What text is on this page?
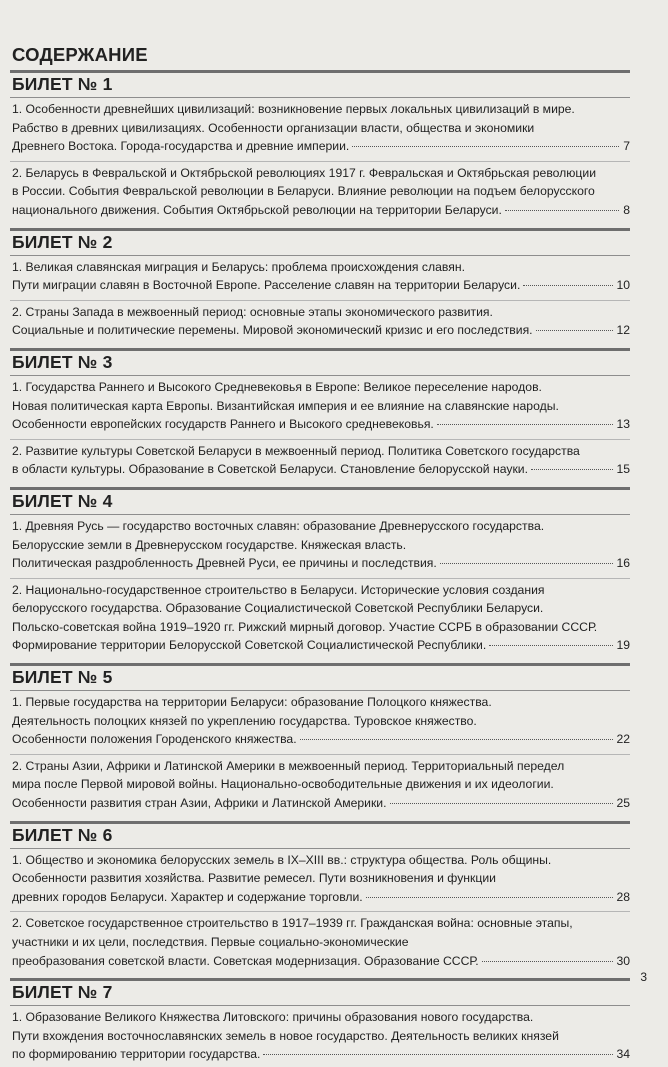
СОДЕРЖАНИЕ
БИЛЕТ № 1
1. Особенности древнейших цивилизаций: возникновение первых локальных цивилизаций в мире.
Рабство в древних цивилизациях. Особенности организации власти, общества и экономики
Древнего Востока. Города-государства и древние империи.	7
2. Беларусь в Февральской и Октябрьской революциях 1917 г. Февральская и Октябрьская революции
в России. События Февральской революции в Беларуси. Влияние революции на подъем белорусского
национального движения. События Октябрьской революции на территории Беларуси.	8
БИЛЕТ № 2
1. Великая славянская миграция и Беларусь: проблема происхождения славян.
Пути миграции славян в Восточной Европе. Расселение славян на территории Беларуси.	10
2. Страны Запада в межвоенный период: основные этапы экономического развития.
Социальные и политические перемены. Мировой экономический кризис и его последствия.	12
БИЛЕТ № 3
1. Государства Раннего и Высокого Средневековья в Европе: Великое переселение народов.
Новая политическая карта Европы. Византийская империя и ее влияние на славянские народы.
Особенности европейских государств Раннего и Высокого средневековья.	13
2. Развитие культуры Советской Беларуси в межвоенный период. Политика Советского государства
в области культуры. Образование в Советской Беларуси. Становление белорусской науки.	15
БИЛЕТ № 4
1. Древняя Русь — государство восточных славян: образование Древнерусского государства.
Белорусские земли в Древнерусском государстве. Княжеская власть.
Политическая раздробленность Древней Руси, ее причины и последствия.	16
2. Национально-государственное строительство в Беларуси. Исторические условия создания
белорусского государства. Образование Социалистической Советской Республики Беларуси.
Польско-советская война 1919–1920 гг. Рижский мирный договор. Участие ССРБ в образовании СССР.
Формирование территории Белорусской Советской Социалистической Республики.	19
БИЛЕТ № 5
1. Первые государства на территории Беларуси: образование Полоцкого княжества.
Деятельность полоцких князей по укреплению государства. Туровское княжество.
Особенности положения Городенского княжества.	22
2. Страны Азии, Африки и Латинской Америки в межвоенный период. Территориальный передел
мира после Первой мировой войны. Национально-освободительные движения и их идеологии.
Особенности развития стран Азии, Африки и Латинской Америки.	25
БИЛЕТ № 6
1. Общество и экономика белорусских земель в IX–XIII вв.: структура общества. Роль общины.
Особенности развития хозяйства. Развитие ремесел. Пути возникновения и функции
древних городов Беларуси. Характер и содержание торговли.	28
2. Советское государственное строительство в 1917–1939 гг. Гражданская война: основные этапы,
участники и их цели, последствия. Первые социально-экономические
преобразования советской власти. Советская модернизация. Образование СССР.	30
БИЛЕТ № 7
1. Образование Великого Княжества Литовского: причины образования нового государства.
Пути вхождения восточнославянских земель в новое государство. Деятельность великих князей
по формированию территории государства.	34
3
